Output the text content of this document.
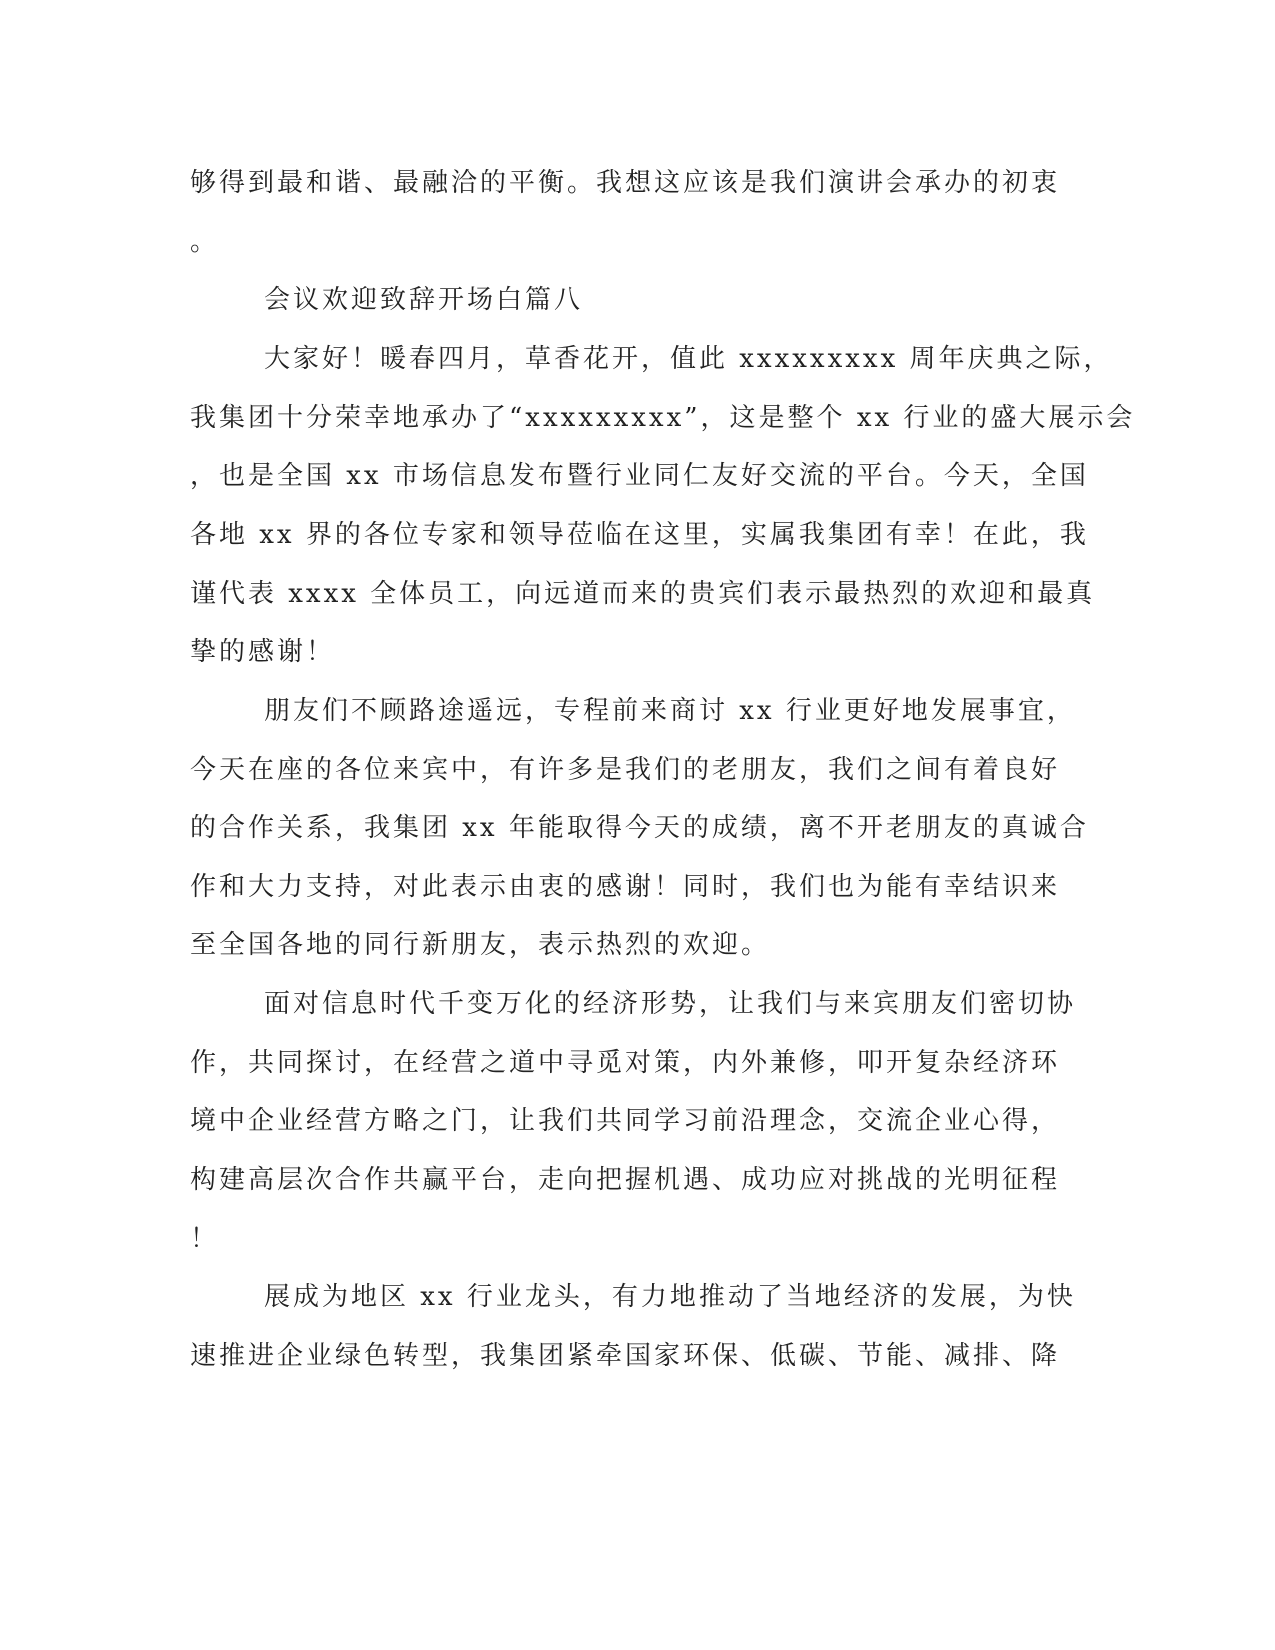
够得到最和谐、最融洽的平衡。我想这应该是我们演讲会承办的初衷
。
会议欢迎致辞开场白篇八
大家好！暖春四月，草香花开，值此 xxxxxxxxx 周年庆典之际，
我集团十分荣幸地承办了“xxxxxxxxx”，这是整个 xx 行业的盛大展示会
，也是全国 xx 市场信息发布暨行业同仁友好交流的平台。今天，全国
各地 xx 界的各位专家和领导莅临在这里，实属我集团有幸！在此，我
谨代表 xxxx 全体员工，向远道而来的贵宾们表示最热烈的欢迎和最真
挚的感谢！
朋友们不顾路途遥远，专程前来商讨 xx 行业更好地发展事宜，
今天在座的各位来宾中，有许多是我们的老朋友，我们之间有着良好
的合作关系，我集团 xx 年能取得今天的成绩，离不开老朋友的真诚合
作和大力支持，对此表示由衷的感谢！同时，我们也为能有幸结识来
至全国各地的同行新朋友，表示热烈的欢迎。
面对信息时代千变万化的经济形势，让我们与来宾朋友们密切协
作，共同探讨，在经营之道中寻觅对策，内外兼修，叩开复杂经济环
境中企业经营方略之门，让我们共同学习前沿理念，交流企业心得，
构建高层次合作共赢平台，走向把握机遇、成功应对挑战的光明征程
！
展成为地区 xx 行业龙头，有力地推动了当地经济的发展，为快
速推进企业绿色转型，我集团紧牵国家环保、低碳、节能、减排、降
